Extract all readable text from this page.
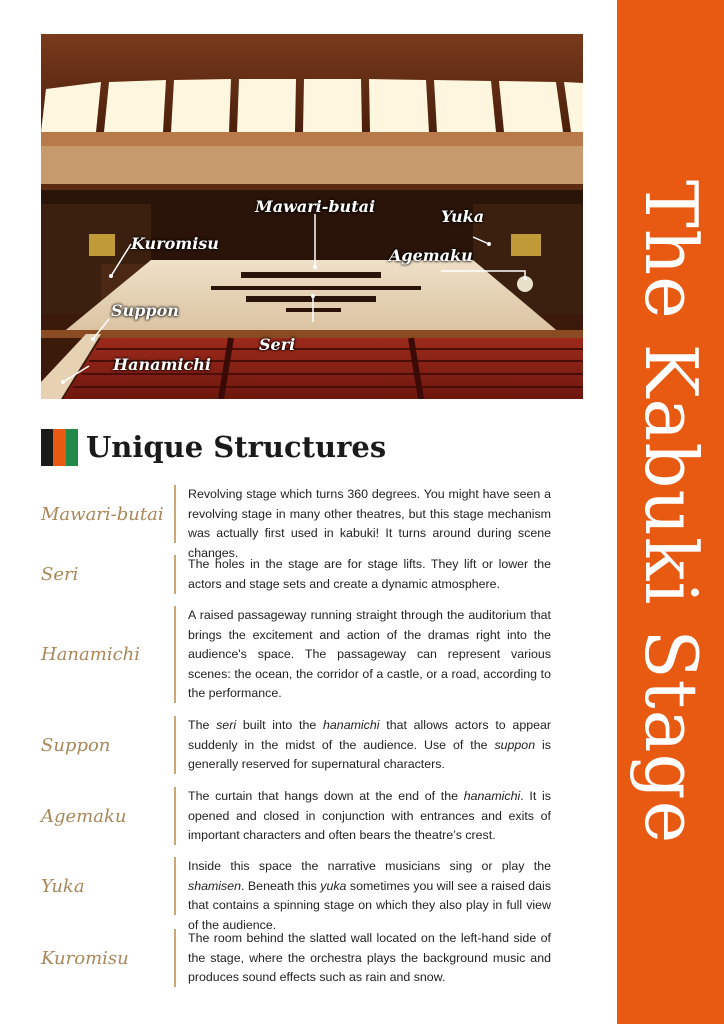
The Kabuki Stage
Mawari-butai
Yuka
Kuromisu
Agemaku
Suppon
Seri
Hanamichi
Unique Structures
Mawari-butai
Revolving stage which turns 360 degrees. You might have seen a revolving stage in many other theatres, but this stage mechanism was actually first used in kabuki! It turns around during scene changes.
Seri	The holes in the stage are for stage lifts. They lift or lower the actors and stage sets and create a dynamic atmosphere.
Hanamichi
A raised passageway running straight through the auditorium that brings the excitement and action of the dramas right into the audience's space. The passageway can represent various scenes: the ocean, the corridor of a castle, or a road, according to the performance.
Suppon
The seri built into the hanamichi that allows actors to appear suddenly in the midst of the audience. Use of the suppon is generally reserved for supernatural characters.
Agemaku
The curtain that hangs down at the end of the hanamichi. It is opened and closed in conjunction with entrances and exits of important characters and often bears the theatre’s crest.
Yuka
Inside this space the narrative musicians sing or play the shamisen. Beneath this yuka sometimes you will see a raised dais that contains a spinning stage on which they also play in full view of the audience.
Kuromisu
The room behind the slatted wall located on the left-hand side of the stage, where the orchestra plays the background music and produces sound effects such as rain and snow.
